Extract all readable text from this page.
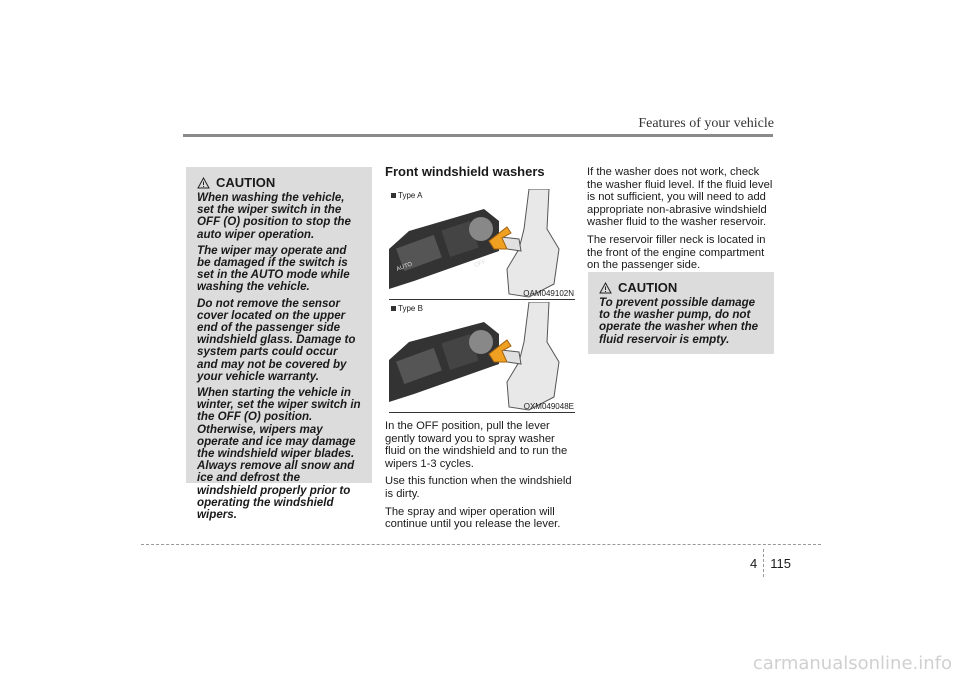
Features of your vehicle
CAUTION

When washing the vehicle, set the wiper switch in the OFF (O) position to stop the auto wiper operation.

The wiper may operate and be damaged if the switch is set in the AUTO mode while washing the vehicle.

Do not remove the sensor cover located on the upper end of the passenger side windshield glass. Damage to system parts could occur and may not be covered by your vehicle warranty.

When starting the vehicle in winter, set the wiper switch in the OFF (O) position. Otherwise, wipers may operate and ice may damage the windshield wiper blades. Always remove all snow and ice and defrost the windshield properly prior to operating the windshield wipers.

Front windshield washers
AUTO	OFF
Type A
OAM049102N
Type B
OXM049048E

In the OFF position, pull the lever gently toward you to spray washer fluid on the windshield and to run the wipers 1-3 cycles.

Use this function when the windshield is dirty.

The spray and wiper operation will continue until you release the lever.

If the washer does not work, check the washer fluid level. If the fluid level is not sufficient, you will need to add appropriate non-abrasive windshield washer fluid to the washer reservoir.

The reservoir filler neck is located in the front of the engine compartment on the passenger side.

CAUTION

To prevent possible damage to the washer pump, do not operate the washer when the fluid reservoir is empty.

4	115
carmanualsonline.info
